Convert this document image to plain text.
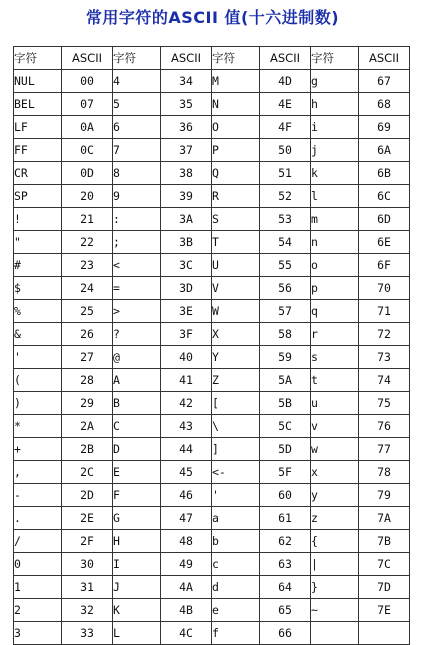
常用字符的ASCII 值(十六进制数)
字符	ASCII	字符	ASCII	字符	ASCII	字符	ASCII
NUL	00	4	34	M	4D	g	67
BEL	07	5	35	N	4E	h	68
LF	0A	6	36	O	4F	i	69
FF	0C	7	37	P	50	j	6A
CR	0D	8	38	Q	51	k	6B
SP	20	9	39	R	52	l	6C
!	21	:	3A	S	53	m	6D
"	22	;	3B	T	54	n	6E
#	23	<	3C	U	55	o	6F
$	24	=	3D	V	56	p	70
%	25	>	3E	W	57	q	71
&	26	?	3F	X	58	r	72
'	27	@	40	Y	59	s	73
(	28	A	41	Z	5A	t	74
)	29	B	42	[	5B	u	75
*	2A	C	43	\	5C	v	76
+	2B	D	44	]	5D	w	77
,	2C	E	45	<-	5F	x	78
-	2D	F	46	'	60	y	79
.	2E	G	47	a	61	z	7A
/	2F	H	48	b	62	{	7B
0	30	I	49	c	63	|	7C
1	31	J	4A	d	64	}	7D
2	32	K	4B	e	65	~	7E
3	33	L	4C	f	66		
